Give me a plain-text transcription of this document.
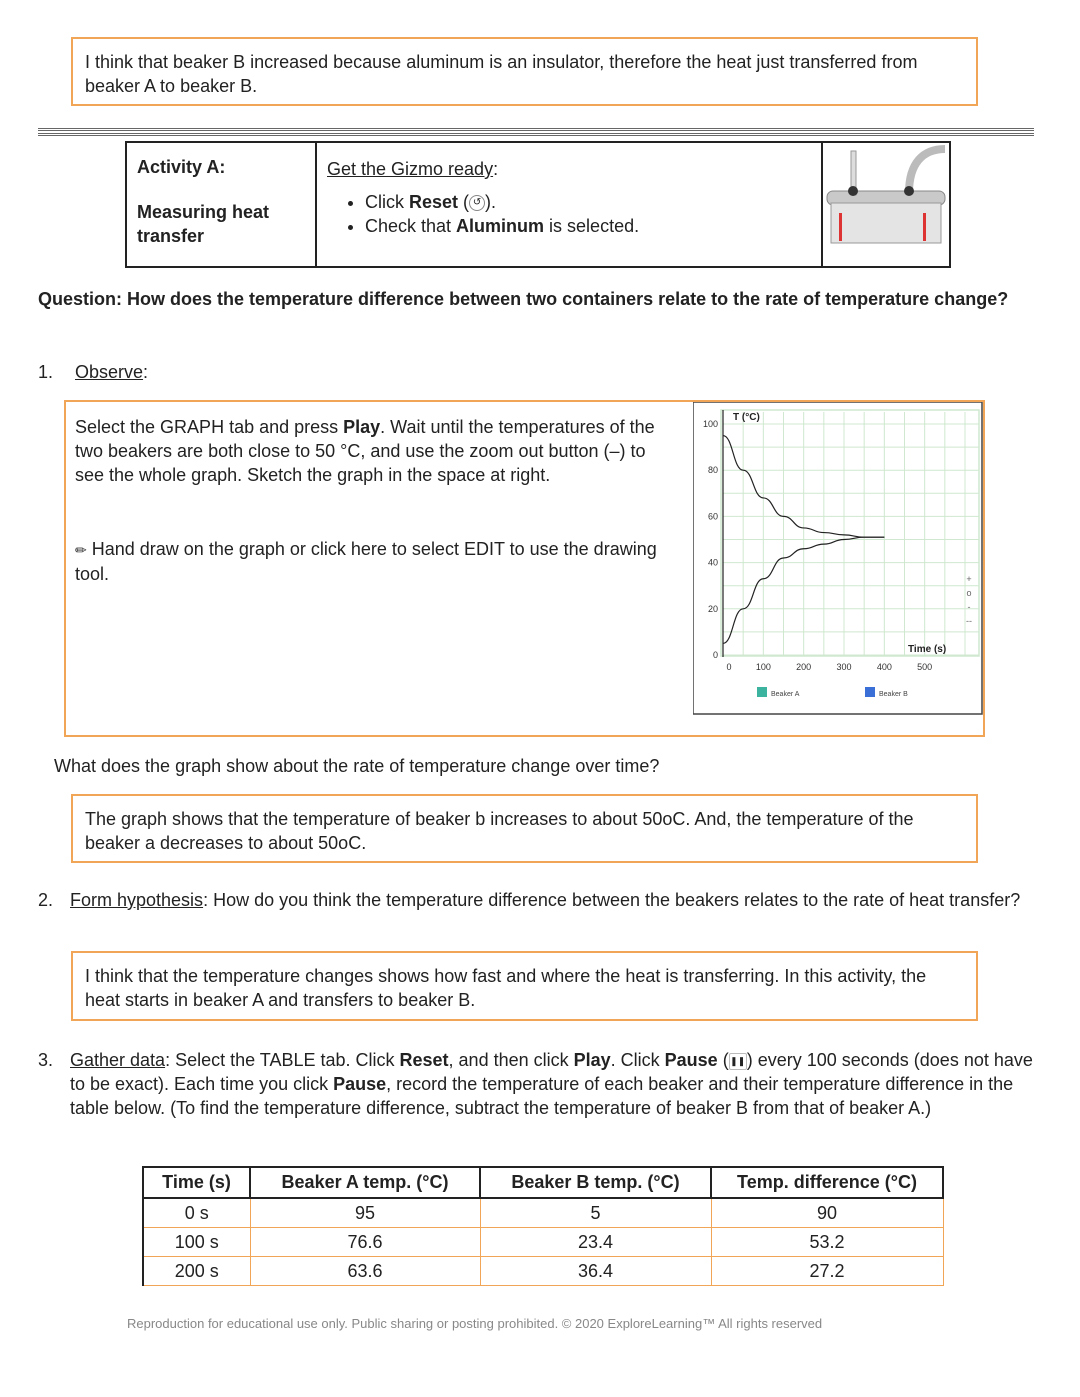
I think that beaker B increased because aluminum is an insulator, therefore the heat just transferred from beaker A to beaker B.
Activity A:
Measuring heat transfer

Get the Gizmo ready:
• Click Reset ( ↺ ).
• Check that Aluminum is selected.

Question: How does the temperature difference between two containers relate to the rate of temperature change?
1. Observe:
Select the GRAPH tab and press Play. Wait until the temperatures of the two beakers are both close to 50 °C, and use the zoom out button (–) to see the whole graph. Sketch the graph in the space at right.
✏ Hand draw on the graph or click here to select EDIT to use the drawing tool.
100
80
60
40
20
0
0	100	200	300	400	500
T (°C)
Time (s)
Beaker A	Beaker B
+
o
-
--
What does the graph show about the rate of temperature change over time?
The graph shows that the temperature of beaker b increases to about 50oC. And, the temperature of the beaker a decreases to about 50oC.
2. Form hypothesis: How do you think the temperature difference between the beakers relates to the rate of heat transfer?
I think that the temperature changes shows how fast and where the heat is transferring. In this activity, the heat starts in beaker A and transfers to beaker B.
3. Gather data: Select the TABLE tab. Click Reset, and then click Play. Click Pause (❚❚) every 100 seconds (does not have to be exact). Each time you click Pause, record the temperature of each beaker and their temperature difference in the table below. (To find the temperature difference, subtract the temperature of beaker B from that of beaker A.)
Time (s)	Beaker A temp. (°C)	Beaker B temp. (°C)	Temp. difference (°C)
0 s	95	5	90
100 s	76.6	23.4	53.2
200 s	63.6	36.4	27.2
Reproduction for educational use only. Public sharing or posting prohibited. © 2020 ExploreLearning™ All rights reserved
